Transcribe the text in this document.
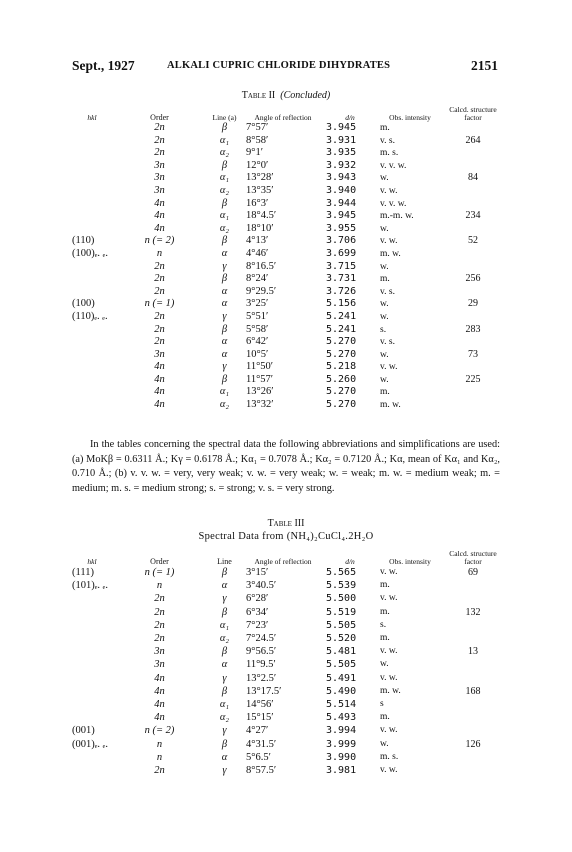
Sept., 1927	ALKALI CUPRIC CHLORIDE DIHYDRATES	2151
Table II (Concluded)
hkl	Order	Line (a)	Angle of reflection	d/n	Obs. intensity	Calcd. structure factor
	2n	β	7°57′	3.945	m.	
	2n	α₁	8°58′	3.931	v. s.	264
	2n	α₂	9°1′	3.935	m. s.	
	3n	β	12°0′	3.932	v. v. w.	
	3n	α₁	13°28′	3.943	w.	84
	3n	α₂	13°35′	3.940	v. w.	
	4n	β	16°3′	3.944	v. v. w.	
	4n	α₁	18°4.5′	3.945	m.-m. w.	234
	4n	α₂	18°10′	3.955	w.	
(110)	n (= 2)	β	4°13′	3.706	v. w.	52
(100)ₑ. ₑ.	n	α	4°46′	3.699	m. w.	
	2n	γ	8°16.5′	3.715	w.	
	2n	β	8°24′	3.731	m.	256
	2n	α	9°29.5′	3.726	v. s.	
(100)	n (= 1)	α	3°25′	5.156	w.	29
(110)ₑ. ₑ.	2n	γ	5°51′	5.241	w.	
	2n	β	5°58′	5.241	s.	283
	2n	α	6°42′	5.270	v. s.	
	3n	α	10°5′	5.270	w.	73
	4n	γ	11°50′	5.218	v. w.	
	4n	β	11°57′	5.260	w.	225
	4n	α₁	13°26′	5.270	m.	
	4n	α₂	13°32′	5.270	m. w.	
In the tables concerning the spectral data the following abbreviations and simplifications are used: (a) MoKβ = 0.6311 Å.; Kγ = 0.6178 Å.; Kα₁ = 0.7078 Å.; Kα₂ = 0.7120 Å.; Kα, mean of Kα₁ and Kα₂, 0.710 Å.; (b) v. v. w. = very, very weak; v. w. = very weak; w. = weak; m. w. = medium weak; m. = medium; m. s. = medium strong; s. = strong; v. s. = very strong.
Table III
Spectral Data from (NH₄)₂CuCl₄.2H₂O
hkl	Order	Line	Angle of reflection	d/n	Obs. intensity	Calcd. structure factor
(111)	n (= 1)	β	3°15′	5.565	v. w.	69
(101)ₑ. ₑ.	n	α	3°40.5′	5.539	m.	
	2n	γ	6°28′	5.500	v. w.	
	2n	β	6°34′	5.519	m.	132
	2n	α₁	7°23′	5.505	s.	
	2n	α₂	7°24.5′	5.520	m.	
	3n	β	9°56.5′	5.481	v. w.	13
	3n	α	11°9.5′	5.505	w.	
	4n	γ	13°2.5′	5.491	v. w.	
	4n	β	13°17.5′	5.490	m. w.	168
	4n	α₁	14°56′	5.514	s	
	4n	α₂	15°15′	5.493	m.	
(001)	n (= 2)	γ	4°27′	3.994	v. w.	
(001)ₑ. ₑ.	n	β	4°31.5′	3.999	w.	126
	n	α	5°6.5′	3.990	m. s.	
	2n	γ	8°57.5′	3.981	v. w.	
